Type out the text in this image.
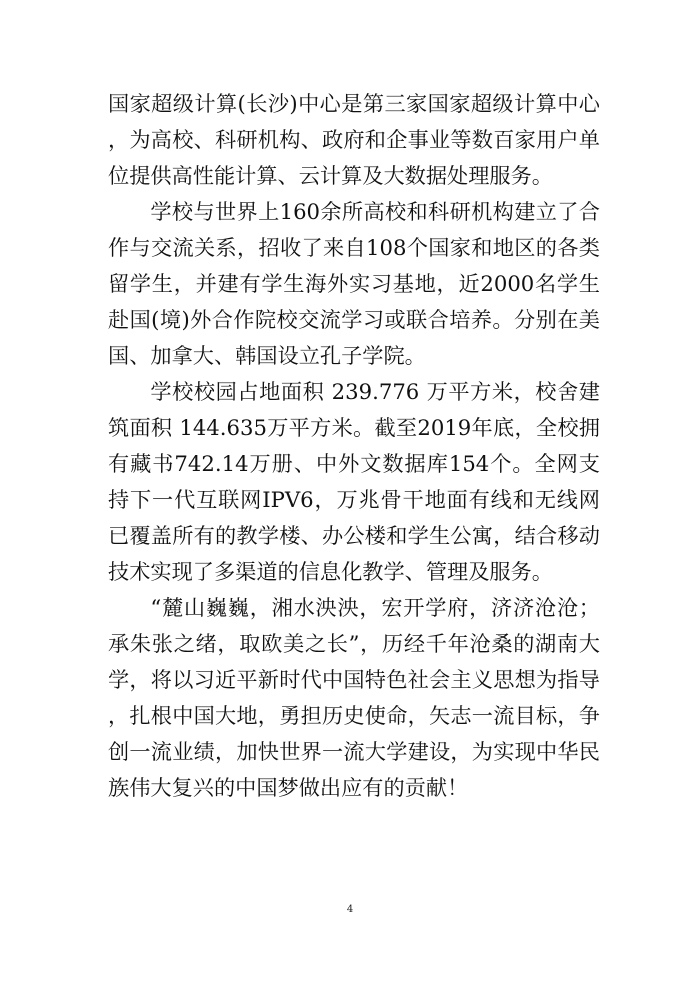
国家超级计算(长沙)中心是第三家国家超级计算中心，为高校、科研机构、政府和企事业等数百家用户单位提供高性能计算、云计算及大数据处理服务。

学校与世界上160余所高校和科研机构建立了合作与交流关系，招收了来自108个国家和地区的各类留学生，并建有学生海外实习基地，近2000名学生赴国(境)外合作院校交流学习或联合培养。分别在美国、加拿大、韩国设立孔子学院。

学校校园占地面积 239.776 万平方米，校舍建筑面积 144.635万平方米。截至2019年底，全校拥有藏书742.14万册、中外文数据库154个。全网支持下一代互联网IPV6，万兆骨干地面有线和无线网已覆盖所有的教学楼、办公楼和学生公寓，结合移动技术实现了多渠道的信息化教学、管理及服务。

“麓山巍巍，湘水泱泱，宏开学府，济济沧沧；承朱张之绪，取欧美之长”，历经千年沧桑的湖南大学，将以习近平新时代中国特色社会主义思想为指导，扎根中国大地，勇担历史使命，矢志一流目标，争创一流业绩，加快世界一流大学建设，为实现中华民族伟大复兴的中国梦做出应有的贡献！

4
